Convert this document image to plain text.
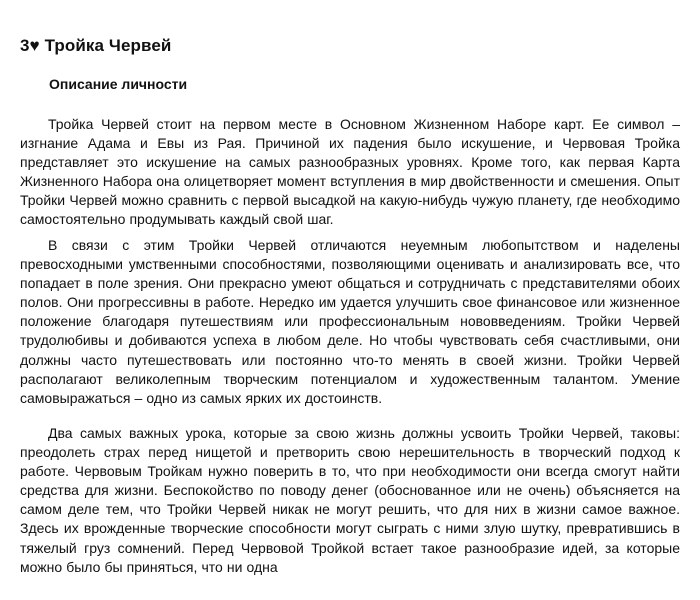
3♥ Тройка Червей
Описание личности

Тройка Червей стоит на первом месте в Основном Жизненном Наборе карт. Ее символ – изгнание Адама и Евы из Рая. Причиной их падения было искушение, и Червовая Тройка представляет это искушение на самых разнообразных уровнях. Кроме того, как первая Карта Жизненного Набора она олицетворяет момент вступления в мир двойственности и смешения. Опыт Тройки Червей можно сравнить с первой высадкой на какую-нибудь чужую планету, где необходимо самостоятельно продумывать каждый свой шаг.

В связи с этим Тройки Червей отличаются неуемным любопытством и наделены превосходными умственными способностями, позволяющими оценивать и анализировать все, что попадает в поле зрения. Они прекрасно умеют общаться и сотрудничать с представителями обоих полов. Они прогрессивны в работе. Нередко им удается улучшить свое финансовое или жизненное положение благодаря путешествиям или профессиональным нововведениям. Тройки Червей трудолюбивы и добиваются успеха в любом деле. Но чтобы чувствовать себя счастливыми, они должны часто путешествовать или постоянно что-то менять в своей жизни. Тройки Червей располагают великолепным творческим потенциалом и художественным талантом. Умение самовыражаться – одно из самых ярких их достоинств.

Два самых важных урока, которые за свою жизнь должны усвоить Тройки Червей, таковы: преодолеть страх перед нищетой и претворить свою нерешительность в творческий подход к работе. Червовым Тройкам нужно поверить в то, что при необходимости они всегда смогут найти средства для жизни. Беспокойство по поводу денег (обоснованное или не очень) объясняется на самом деле тем, что Тройки Червей никак не могут решить, что для них в жизни самое важное. Здесь их врожденные творческие способности могут сыграть с ними злую шутку, превратившись в тяжелый груз сомнений. Перед Червовой Тройкой встает такое разнообразие идей, за которые можно было бы приняться, что ни одна
